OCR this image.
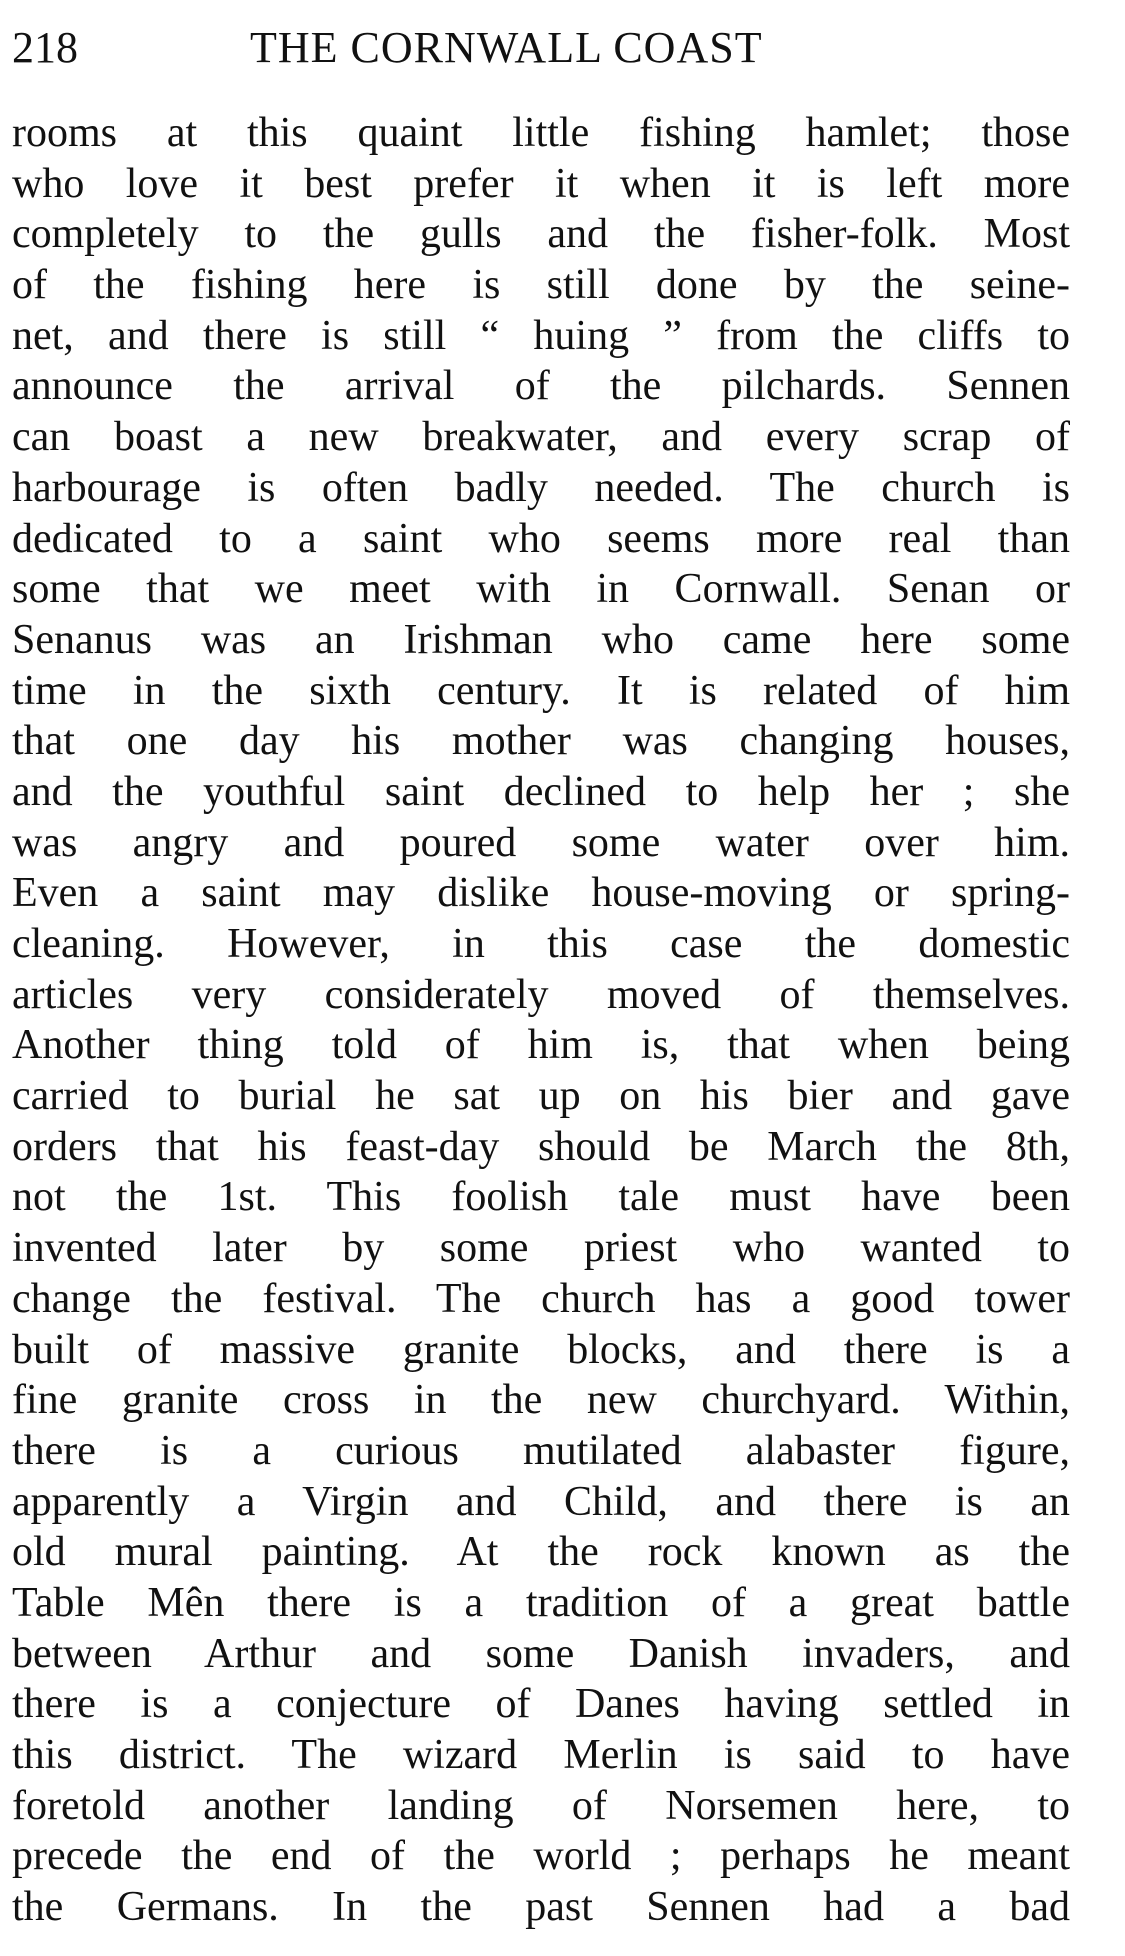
218	THE CORNWALL COAST
rooms at this quaint little fishing hamlet; those
who love it best prefer it when it is left more
completely to the gulls and the fisher-folk. Most
of the fishing here is still done by the seine-
net, and there is still “ huing ” from the cliffs to
announce the arrival of the pilchards. Sennen
can boast a new breakwater, and every scrap of
harbourage is often badly needed. The church is
dedicated to a saint who seems more real than
some that we meet with in Cornwall. Senan or
Senanus was an Irishman who came here some
time in the sixth century. It is related of him
that one day his mother was changing houses,
and the youthful saint declined to help her ; she
was angry and poured some water over him.
Even a saint may dislike house-moving or spring-
cleaning. However, in this case the domestic
articles very considerately moved of themselves.
Another thing told of him is, that when being
carried to burial he sat up on his bier and gave
orders that his feast-day should be March the 8th,
not the 1st. This foolish tale must have been
invented later by some priest who wanted to
change the festival. The church has a good tower
built of massive granite blocks, and there is a
fine granite cross in the new churchyard. Within,
there is a curious mutilated alabaster figure,
apparently a Virgin and Child, and there is an
old mural painting. At the rock known as the
Table Mên there is a tradition of a great battle
between Arthur and some Danish invaders, and
there is a conjecture of Danes having settled in
this district. The wizard Merlin is said to have
foretold another landing of Norsemen here, to
precede the end of the world ; perhaps he meant
the Germans. In the past Sennen had a bad
